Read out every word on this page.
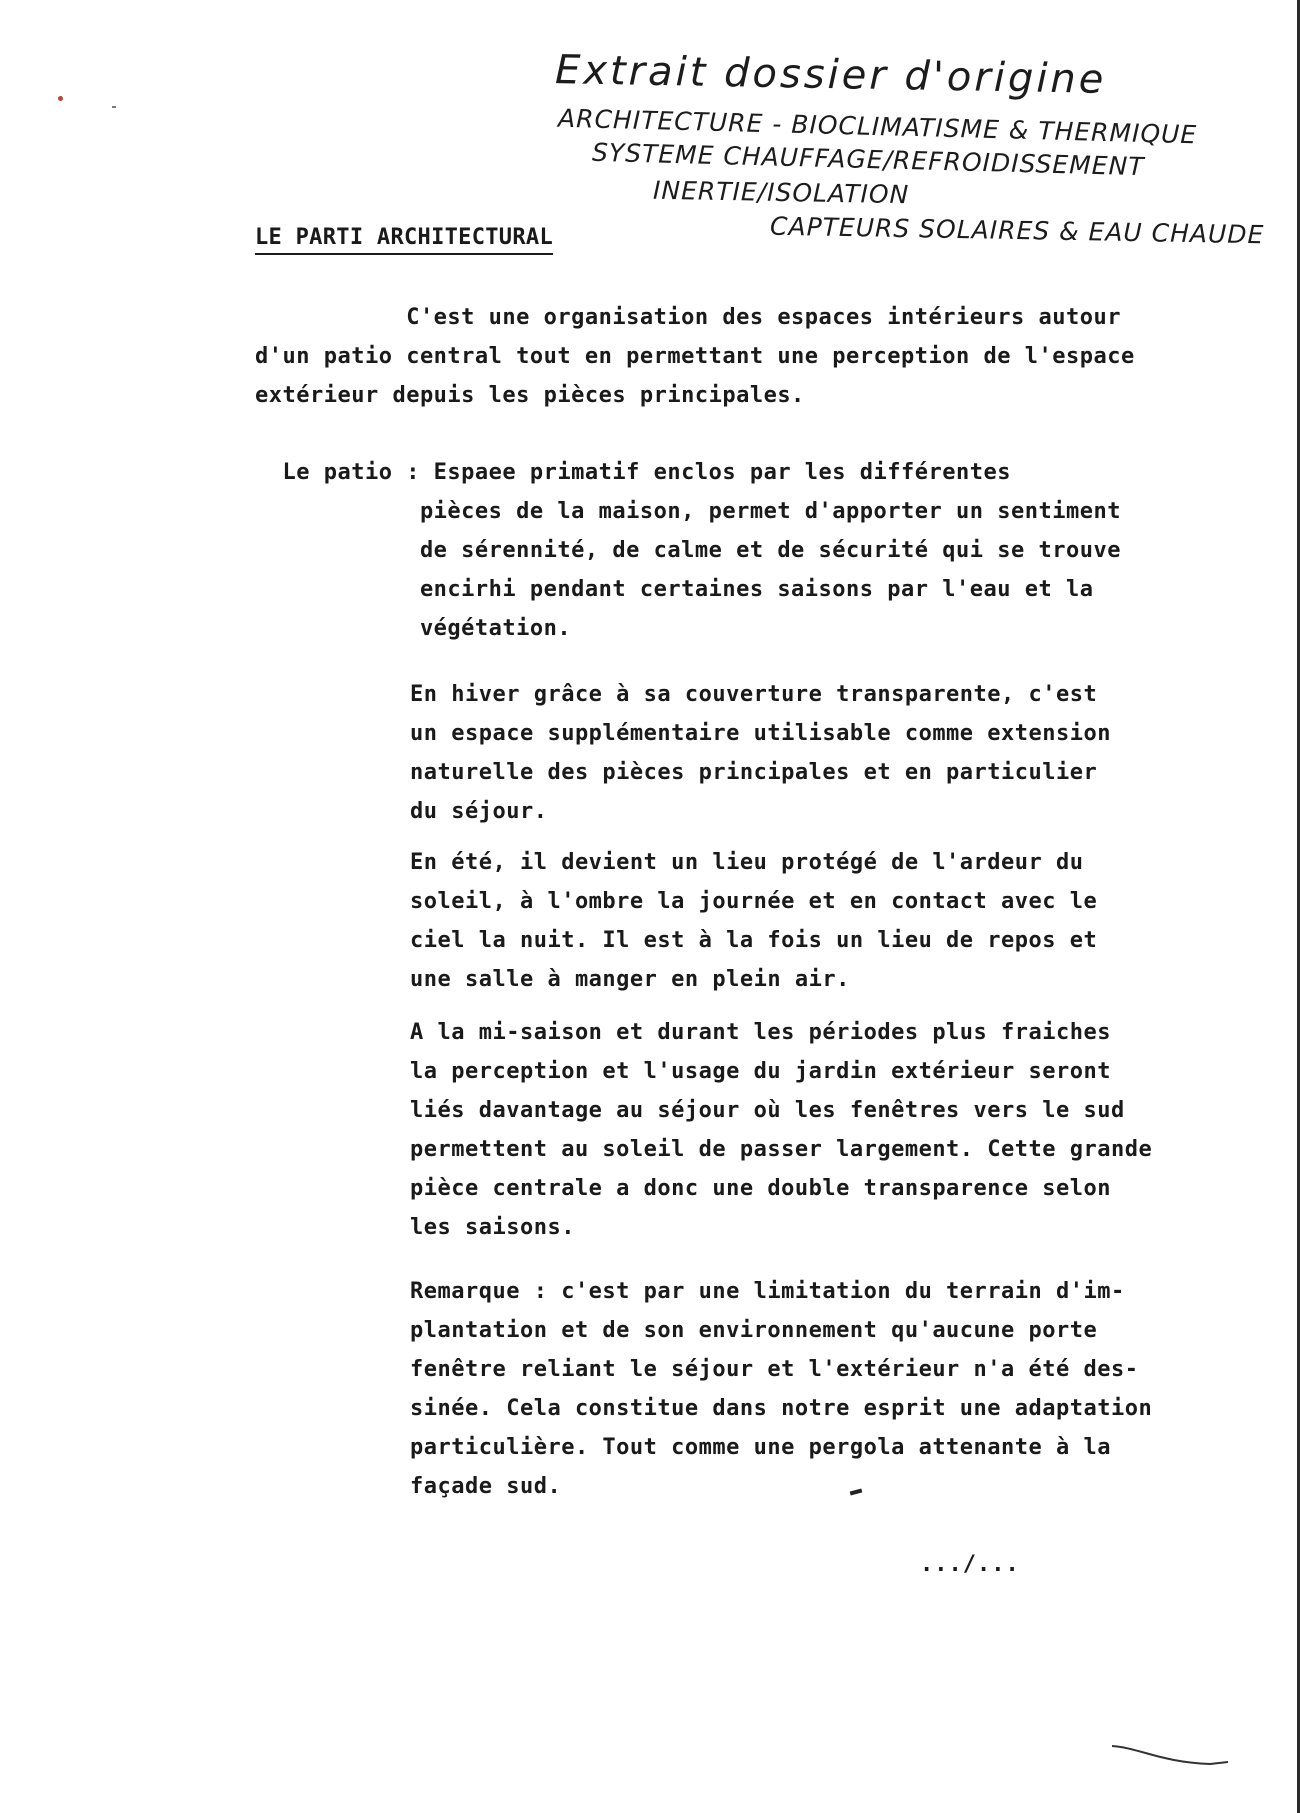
Extrait dossier d'origine
ARCHITECTURE - BIOCLIMATISME & THERMIQUE
SYSTEME CHAUFFAGE/REFROIDISSEMENT
INERTIE/ISOLATION
CAPTEURS SOLAIRES & EAU CHAUDE
LE PARTI ARCHITECTURAL
C'est une organisation des espaces intérieurs autour
d'un patio central tout en permettant une perception de l'espace
extérieur depuis les pièces principales.
Le patio : Espaee primatif enclos par les différentes
pièces de la maison, permet d'apporter un sentiment
de sérennité, de calme et de sécurité qui se trouve
encirhi pendant certaines saisons par l'eau et la
végétation.
En hiver grâce à sa couverture transparente, c'est
un espace supplémentaire utilisable comme extension
naturelle des pièces principales et en particulier
du séjour.
En été, il devient un lieu protégé de l'ardeur du
soleil, à l'ombre la journée et en contact avec le
ciel la nuit. Il est à la fois un lieu de repos et
une salle à manger en plein air.
A la mi-saison et durant les périodes plus fraiches
la perception et l'usage du jardin extérieur seront
liés davantage au séjour où les fenêtres vers le sud
permettent au soleil de passer largement. Cette grande
pièce centrale a donc une double transparence selon
les saisons.
Remarque : c'est par une limitation du terrain d'im-
plantation et de son environnement qu'aucune porte
fenêtre reliant le séjour et l'extérieur n'a été des-
sinée. Cela constitue dans notre esprit une adaptation
particulière. Tout comme une pergola attenante à la
façade sud.
.../...
